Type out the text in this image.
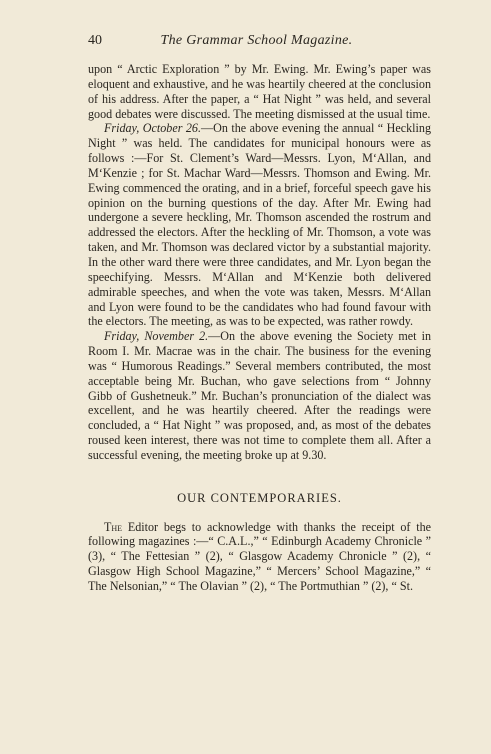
40	The Grammar School Magazine.

upon “ Arctic Exploration ” by Mr. Ewing. Mr. Ewing’s paper was eloquent and exhaustive, and he was heartily cheered at the conclusion of his address. After the paper, a “ Hat Night ” was held, and several good debates were discussed. The meeting dismissed at the usual time.

Friday, October 26.—On the above evening the annual “ Heckling Night ” was held. The candidates for municipal honours were as follows :—For St. Clement’s Ward—Messrs. Lyon, M‘Allan, and M‘Kenzie ; for St. Machar Ward—Messrs. Thomson and Ewing. Mr. Ewing commenced the orating, and in a brief, forceful speech gave his opinion on the burning questions of the day. After Mr. Ewing had undergone a severe heckling, Mr. Thomson ascended the rostrum and addressed the electors. After the heckling of Mr. Thomson, a vote was taken, and Mr. Thomson was declared victor by a substantial majority. In the other ward there were three candidates, and Mr. Lyon began the speechifying. Messrs. M‘Allan and M‘Kenzie both delivered admirable speeches, and when the vote was taken, Messrs. M‘Allan and Lyon were found to be the candidates who had found favour with the electors. The meeting, as was to be expected, was rather rowdy.

Friday, November 2.—On the above evening the Society met in Room I. Mr. Macrae was in the chair. The business for the evening was “ Humorous Readings.” Several members contributed, the most acceptable being Mr. Buchan, who gave selections from “ Johnny Gibb of Gushetneuk.” Mr. Buchan’s pronunciation of the dialect was excellent, and he was heartily cheered. After the readings were concluded, a “ Hat Night ” was proposed, and, as most of the debates roused keen interest, there was not time to complete them all. After a successful evening, the meeting broke up at 9.30.

OUR CONTEMPORARIES.

The Editor begs to acknowledge with thanks the receipt of the following magazines :—“ C.A.L.,” “ Edinburgh Academy Chronicle ” (3), “ The Fettesian ” (2), “ Glasgow Academy Chronicle ” (2), “ Glasgow High School Magazine,” “ Mercers’ School Magazine,” “ The Nelsonian,” “ The Olavian ” (2), “ The Portmuthian ” (2), “ St.
